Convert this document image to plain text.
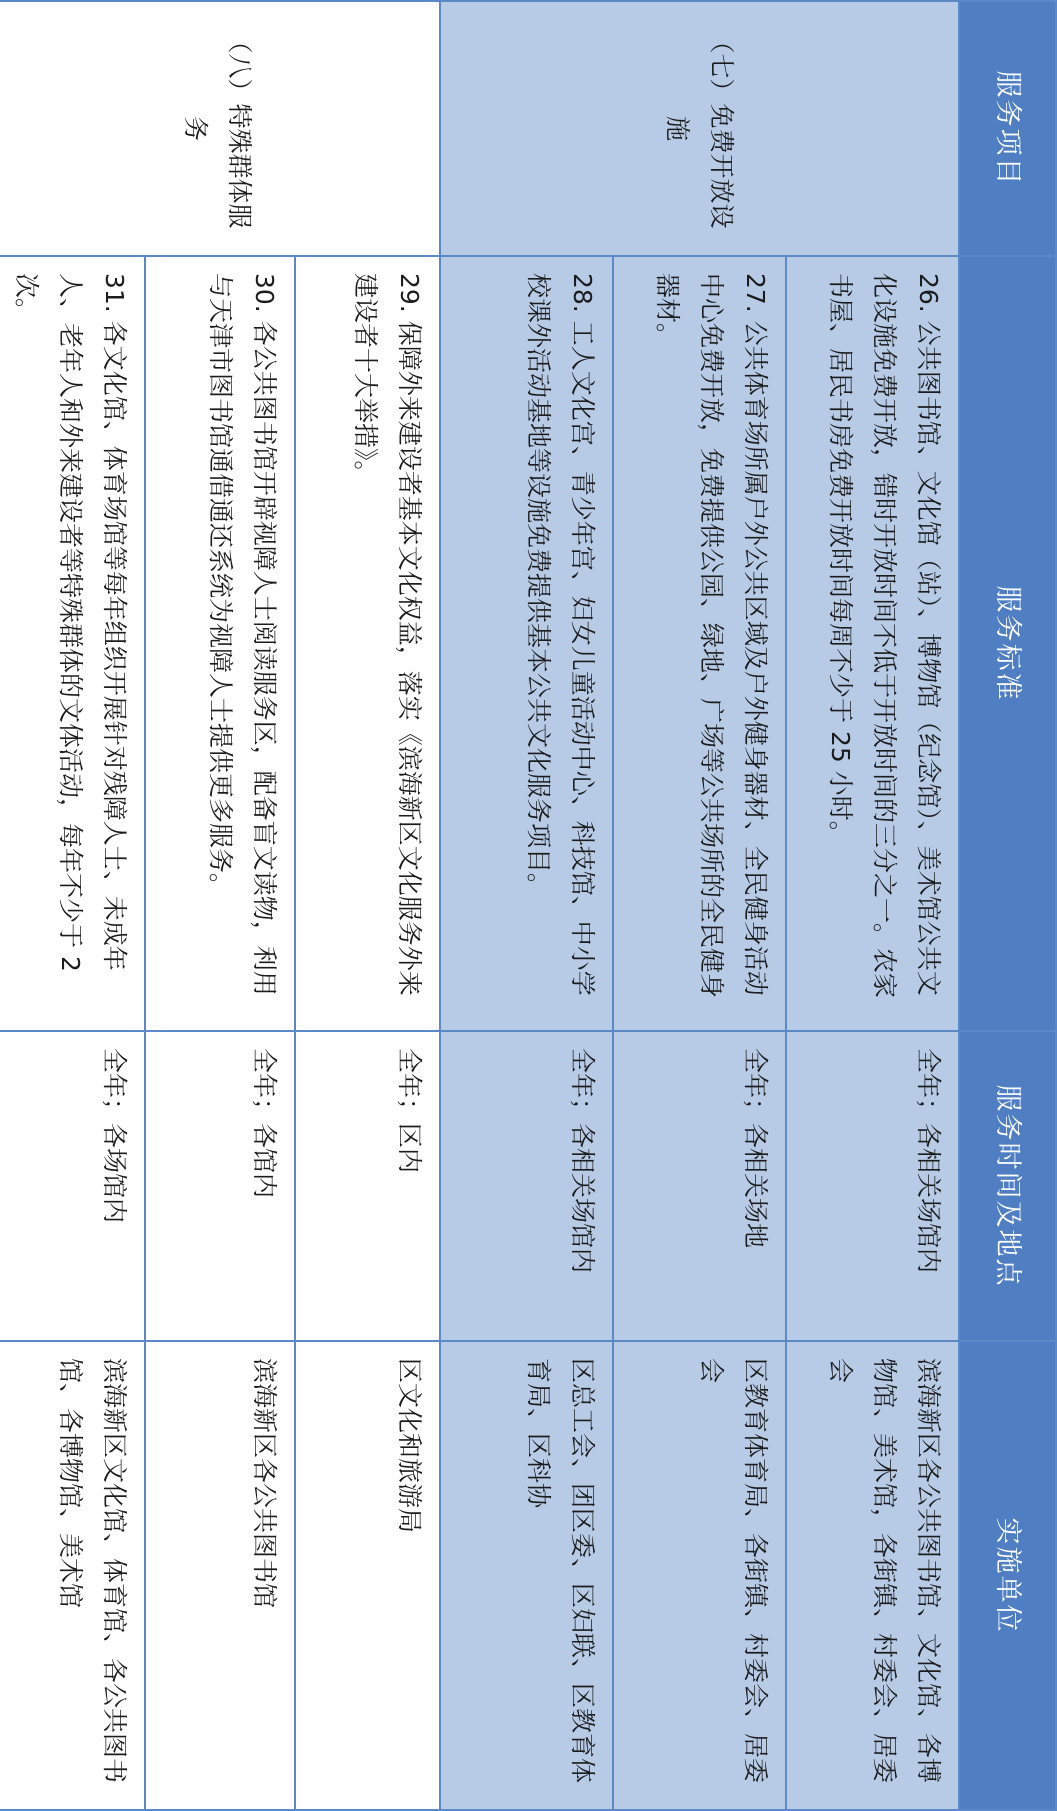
服务项目	服务标准	服务时间及地点	实施单位
（七）免费开放设施	26. 公共图书馆、文化馆（站）、博物馆（纪念馆）、美术馆公共文化设施免费开放，错时开放时间不低于开放时间的三分之一。农家书屋、居民书房免费开放时间每周不少于 25 小时。	全年；各相关场馆内	滨海新区各公共图书馆、文化馆、各博物馆、美术馆，各街镇、村委会、居委会
	27. 公共体育场所属户外公共区域及户外健身器材、全民健身活动中心免费开放，免费提供公园、绿地、广场等公共场所的全民健身器材。	全年；各相关场地	区教育体育局、各街镇、村委会、居委会
	28. 工人文化宫、青少年宫、妇女儿童活动中心、科技馆、中小学校课外活动基地等设施免费提供基本公共文化服务项目。	全年；各相关场馆内	区总工会、团区委、区妇联、区教育体育局、区科协
（八）特殊群体服务	29. 保障外来建设者基本文化权益，落实《滨海新区文化服务外来建设者十大举措》。	全年；区内	区文化和旅游局
	30. 各公共图书馆开辟视障人士阅读服务区，配备盲文读物，利用与天津市图书馆通借通还系统为视障人士提供更多服务。	全年；各馆内	滨海新区各公共图书馆
	31. 各文化馆、体育场馆等每年组织开展针对残障人士、未成年人、老年人和外来建设者等特殊群体的文体活动，每年不少于 2 次。	全年；各场馆内	滨海新区文化馆、体育馆、各公共图书馆、各博物馆、美术馆
